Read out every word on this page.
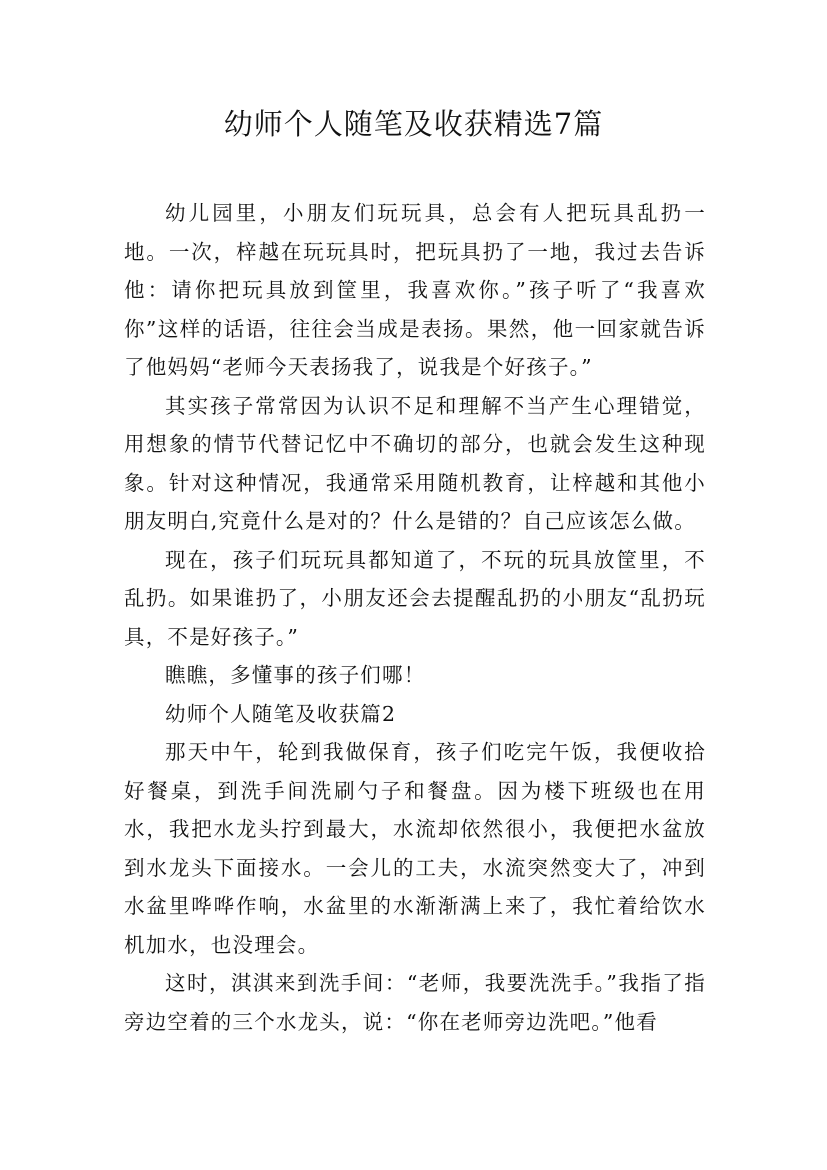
幼师个人随笔及收获精选7篇

幼儿园里，小朋友们玩玩具，总会有人把玩具乱扔一地。一次，梓越在玩玩具时，把玩具扔了一地，我过去告诉他：请你把玩具放到筐里，我喜欢你。”孩子听了“我喜欢你”这样的话语，往往会当成是表扬。果然，他一回家就告诉了他妈妈“老师今天表扬我了，说我是个好孩子。”

其实孩子常常因为认识不足和理解不当产生心理错觉，用想象的情节代替记忆中不确切的部分，也就会发生这种现象。针对这种情况，我通常采用随机教育，让梓越和其他小朋友明白,究竟什么是对的？什么是错的？自己应该怎么做。

现在，孩子们玩玩具都知道了，不玩的玩具放筐里，不乱扔。如果谁扔了，小朋友还会去提醒乱扔的小朋友“乱扔玩具，不是好孩子。”

瞧瞧，多懂事的孩子们哪！

幼师个人随笔及收获篇2

那天中午，轮到我做保育，孩子们吃完午饭，我便收拾好餐桌，到洗手间洗刷勺子和餐盘。因为楼下班级也在用水，我把水龙头拧到最大，水流却依然很小，我便把水盆放到水龙头下面接水。一会儿的工夫，水流突然变大了，冲到水盆里哗哗作响，水盆里的水渐渐满上来了，我忙着给饮水机加水，也没理会。

这时，淇淇来到洗手间：“老师，我要洗洗手。”我指了指旁边空着的三个水龙头，说：“你在老师旁边洗吧。”他看
